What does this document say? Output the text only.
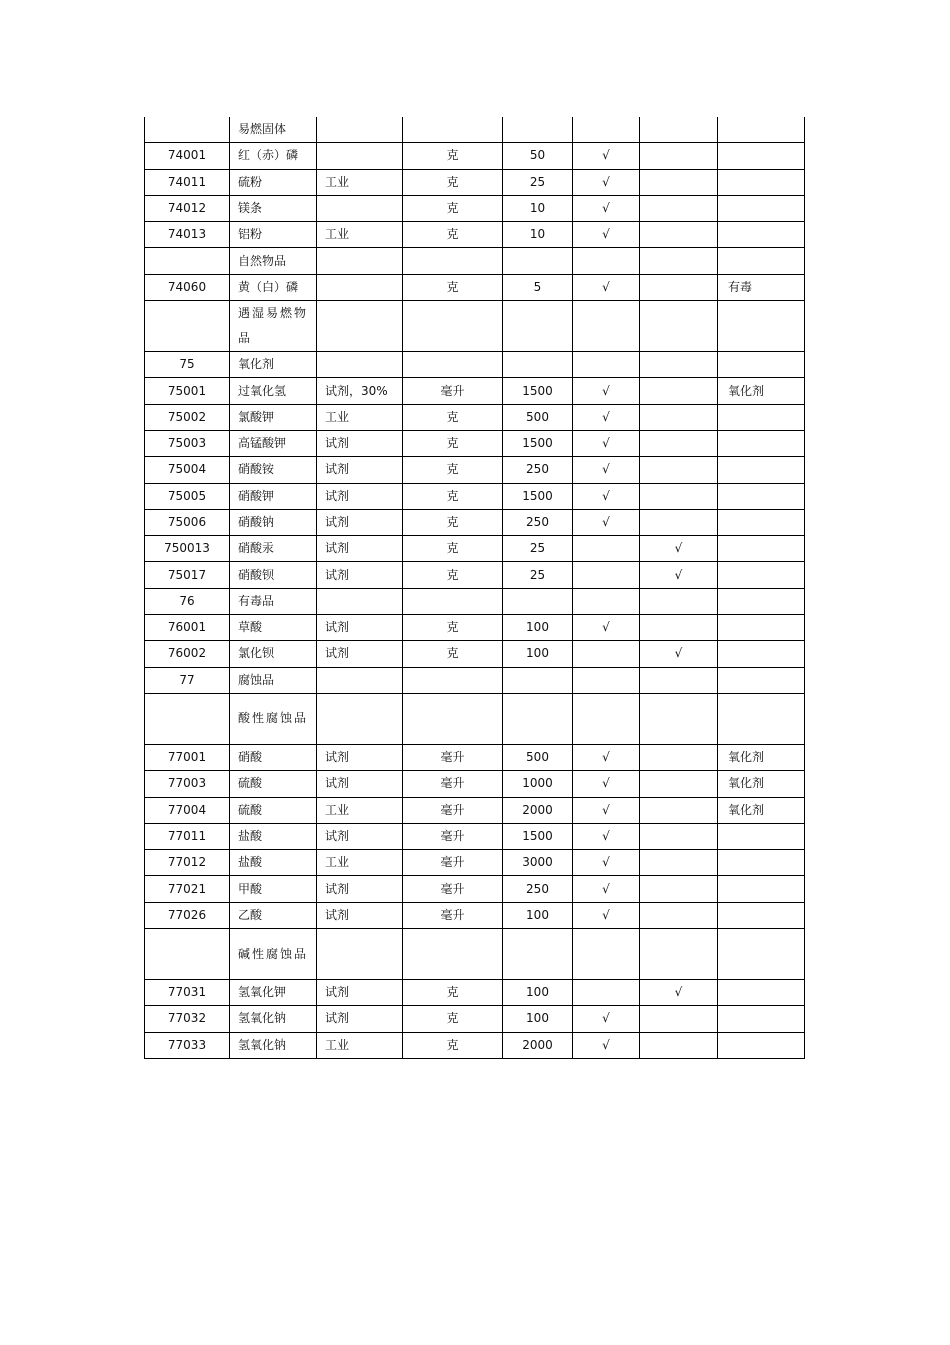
	易燃固体						
74001	红（赤）磷		克	50	√		
74011	硫粉	工业	克	25	√		
74012	镁条		克	10	√		
74013	铝粉	工业	克	10	√		
	自然物品						
74060	黄（白）磷		克	5	√		有毒
	遇湿易燃物品						
75	氧化剂						
75001	过氧化氢	试剂，30%	毫升	1500	√		氧化剂
75002	氯酸钾	工业	克	500	√		
75003	高锰酸钾	试剂	克	1500	√		
75004	硝酸铵	试剂	克	250	√		
75005	硝酸钾	试剂	克	1500	√		
75006	硝酸钠	试剂	克	250	√		
750013	硝酸汞	试剂	克	25		√	
75017	硝酸钡	试剂	克	25		√	
76	有毒品						
76001	草酸	试剂	克	100	√		
76002	氯化钡	试剂	克	100		√	
77	腐蚀品						
	酸性腐蚀品						
77001	硝酸	试剂	毫升	500	√		氧化剂
77003	硫酸	试剂	毫升	1000	√		氧化剂
77004	硫酸	工业	毫升	2000	√		氧化剂
77011	盐酸	试剂	毫升	1500	√		
77012	盐酸	工业	毫升	3000	√		
77021	甲酸	试剂	毫升	250	√		
77026	乙酸	试剂	毫升	100	√		
	碱性腐蚀品						
77031	氢氧化钾	试剂	克	100		√	
77032	氢氧化钠	试剂	克	100	√		
77033	氢氧化钠	工业	克	2000	√		
